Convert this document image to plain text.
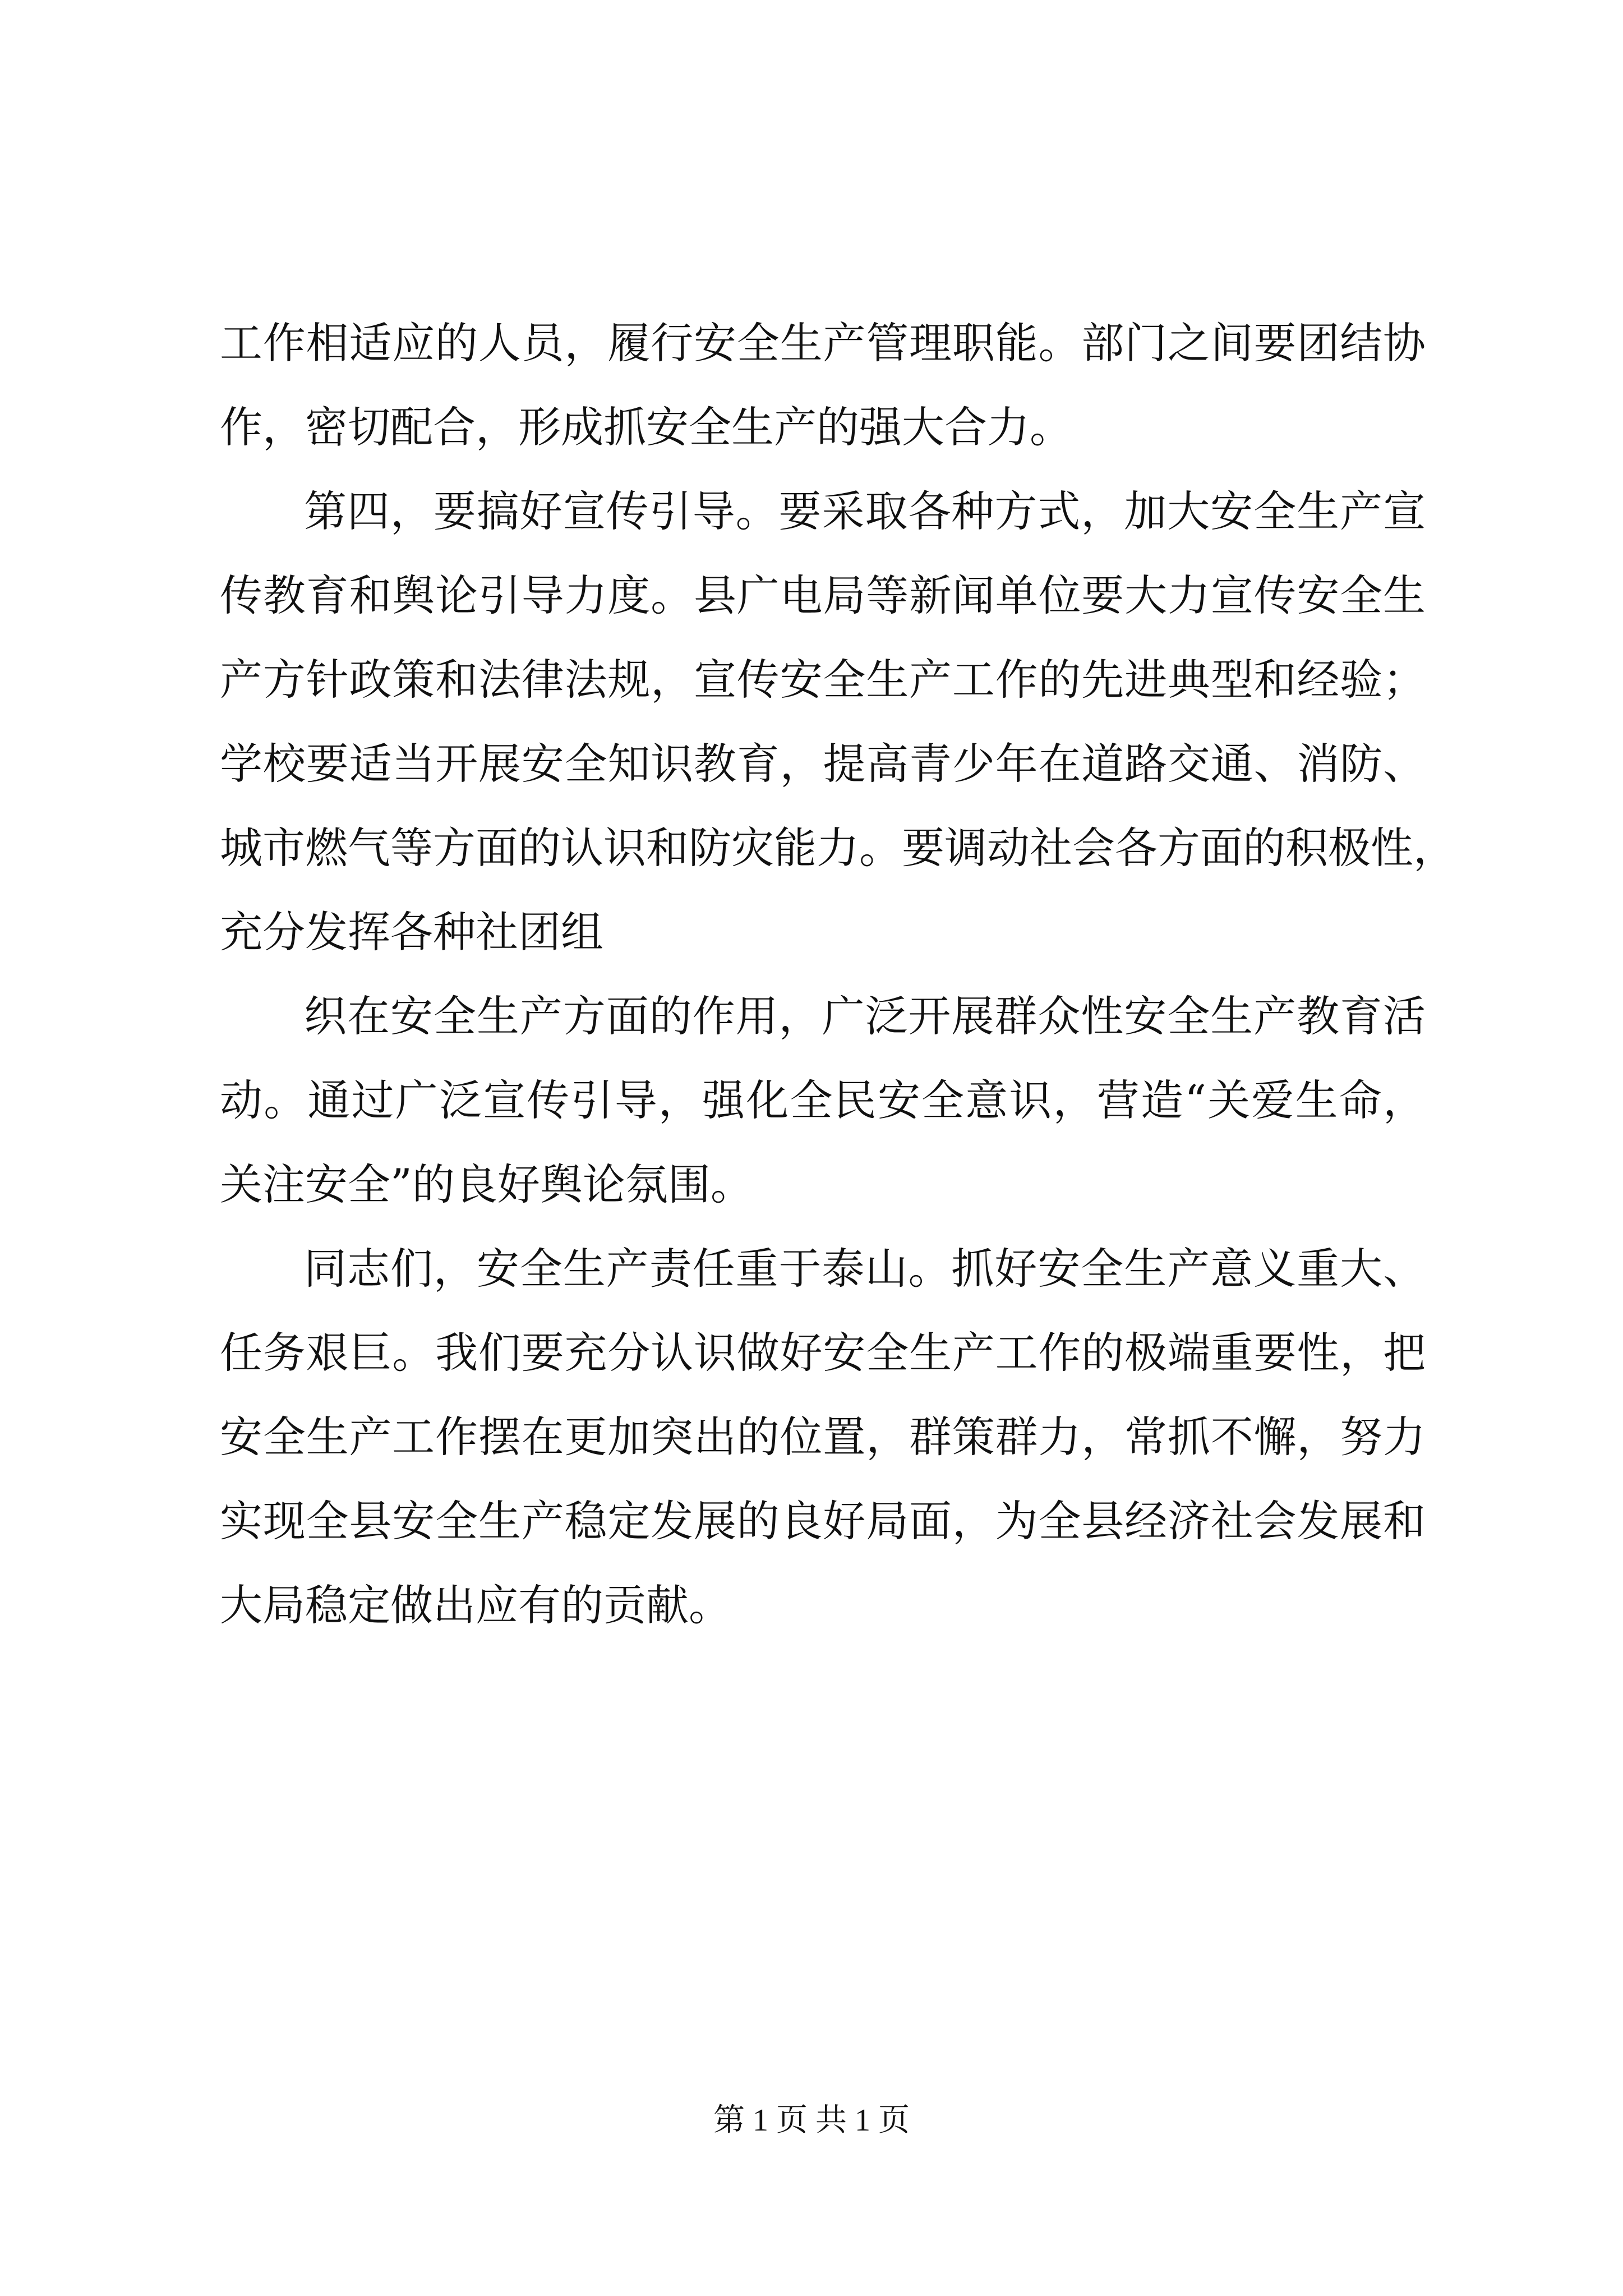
工作相适应的人员，履行安全生产管理职能。部门之间要团结协
作，密切配合，形成抓安全生产的强大合力。
第四，要搞好宣传引导。要采取各种方式，加大安全生产宣
传教育和舆论引导力度。县广电局等新闻单位要大力宣传安全生
产方针政策和法律法规，宣传安全生产工作的先进典型和经验；
学校要适当开展安全知识教育，提高青少年在道路交通、消防、
城市燃气等方面的认识和防灾能力。要调动社会各方面的积极性，
充分发挥各种社团组
织在安全生产方面的作用，广泛开展群众性安全生产教育活
动。通过广泛宣传引导，强化全民安全意识，营造“关爱生命，
关注安全”的良好舆论氛围。
同志们，安全生产责任重于泰山。抓好安全生产意义重大、
任务艰巨。我们要充分认识做好安全生产工作的极端重要性，把
安全生产工作摆在更加突出的位置，群策群力，常抓不懈，努力
实现全县安全生产稳定发展的良好局面，为全县经济社会发展和
大局稳定做出应有的贡献。
第 1 页 共 1 页
